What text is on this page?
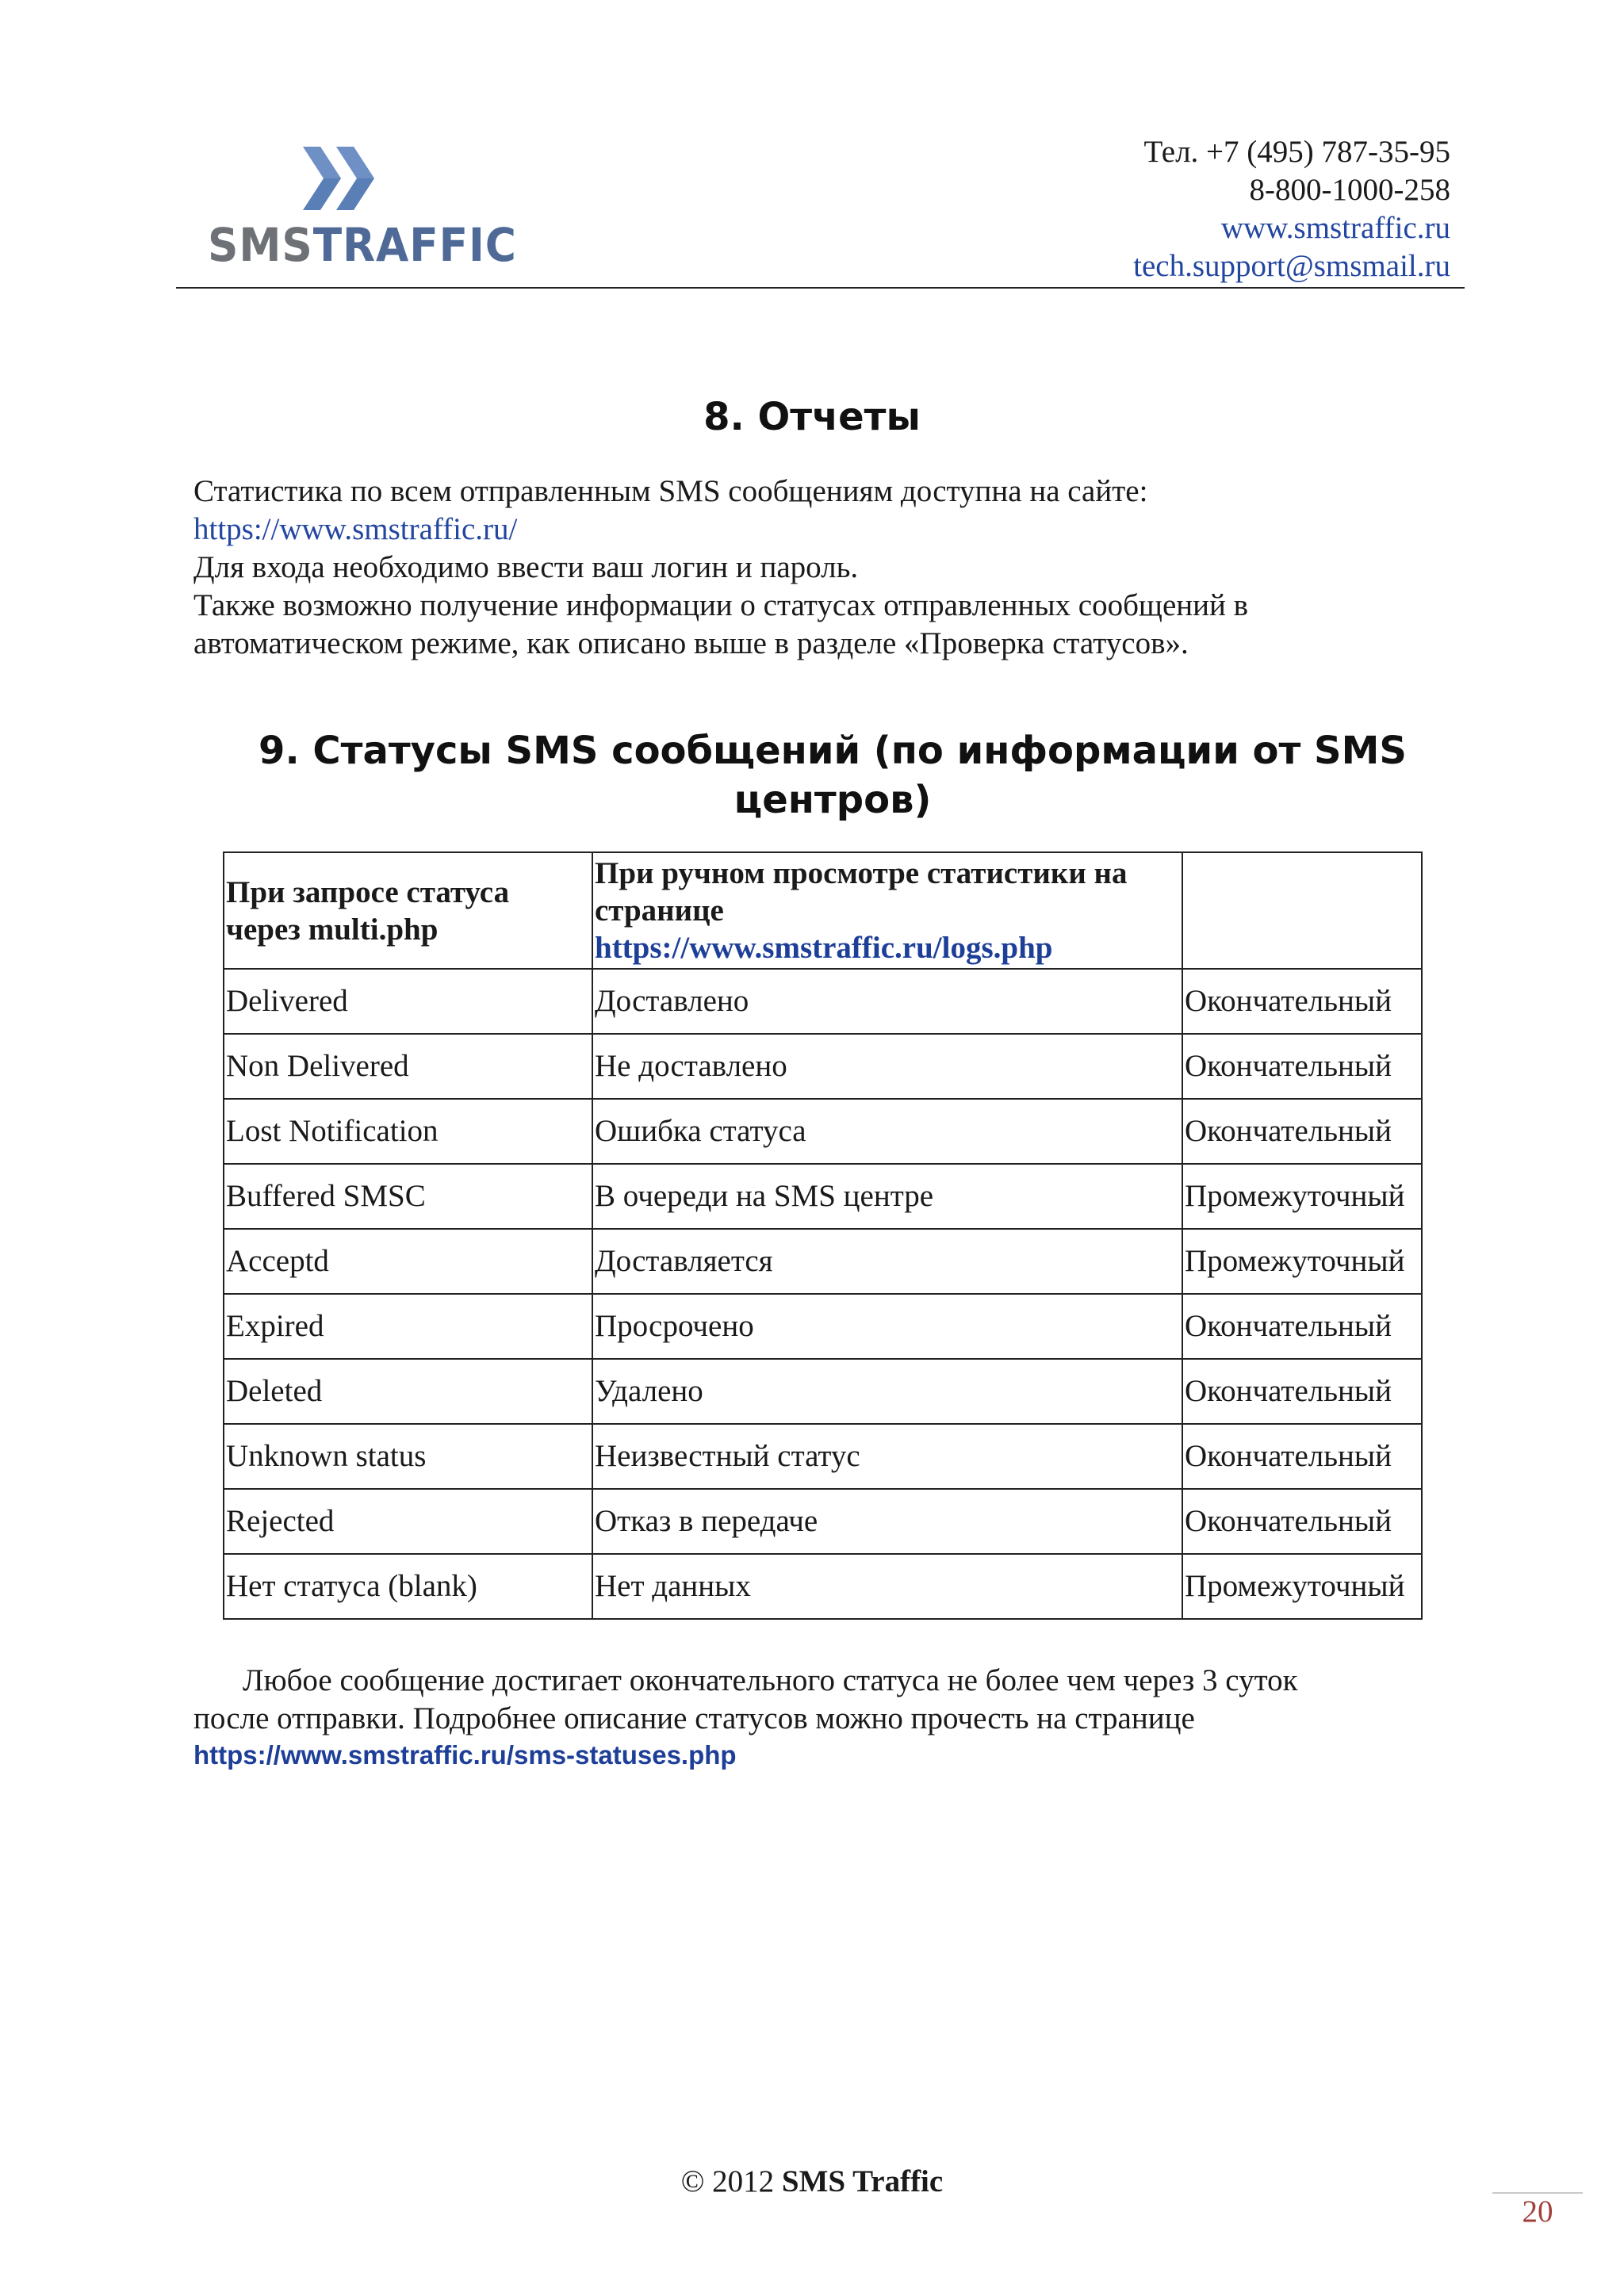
SMSTRAFFIC
Тел. +7 (495) 787-35-95
8-800-1000-258
www.smstraffic.ru
tech.support@smsmail.ru
8. Отчеты
Статистика по всем отправленным SMS сообщениям доступна на сайте:
https://www.smstraffic.ru/
Для входа необходимо ввести ваш логин и пароль.
Также возможно получение информации о статусах отправленных сообщений в
автоматическом режиме, как описано выше в разделе «Проверка статусов».
9. Статусы SMS сообщений (по информации от SMS центров)
При запросе статуса через multi.php	При ручном просмотре статистики на странице
https://www.smstraffic.ru/logs.php	

Delivered	Доставлено	Окончательный
Non Delivered	Не доставлено	Окончательный
Lost Notification	Ошибка статуса	Окончательный
Buffered SMSC	В очереди на SMS центре	Промежуточный
Acceptd	Доставляется	Промежуточный
Expired	Просрочено	Окончательный
Deleted	Удалено	Окончательный
Unknown status	Неизвестный статус	Окончательный
Rejected	Отказ в передаче	Окончательный
Нет статуса (blank)	Нет данных	Промежуточный
Любое сообщение достигает окончательного статуса не более чем через 3 суток
после отправки. Подробнее описание статусов можно прочесть на странице
https://www.smstraffic.ru/sms-statuses.php
© 2012 SMS Traffic
20
